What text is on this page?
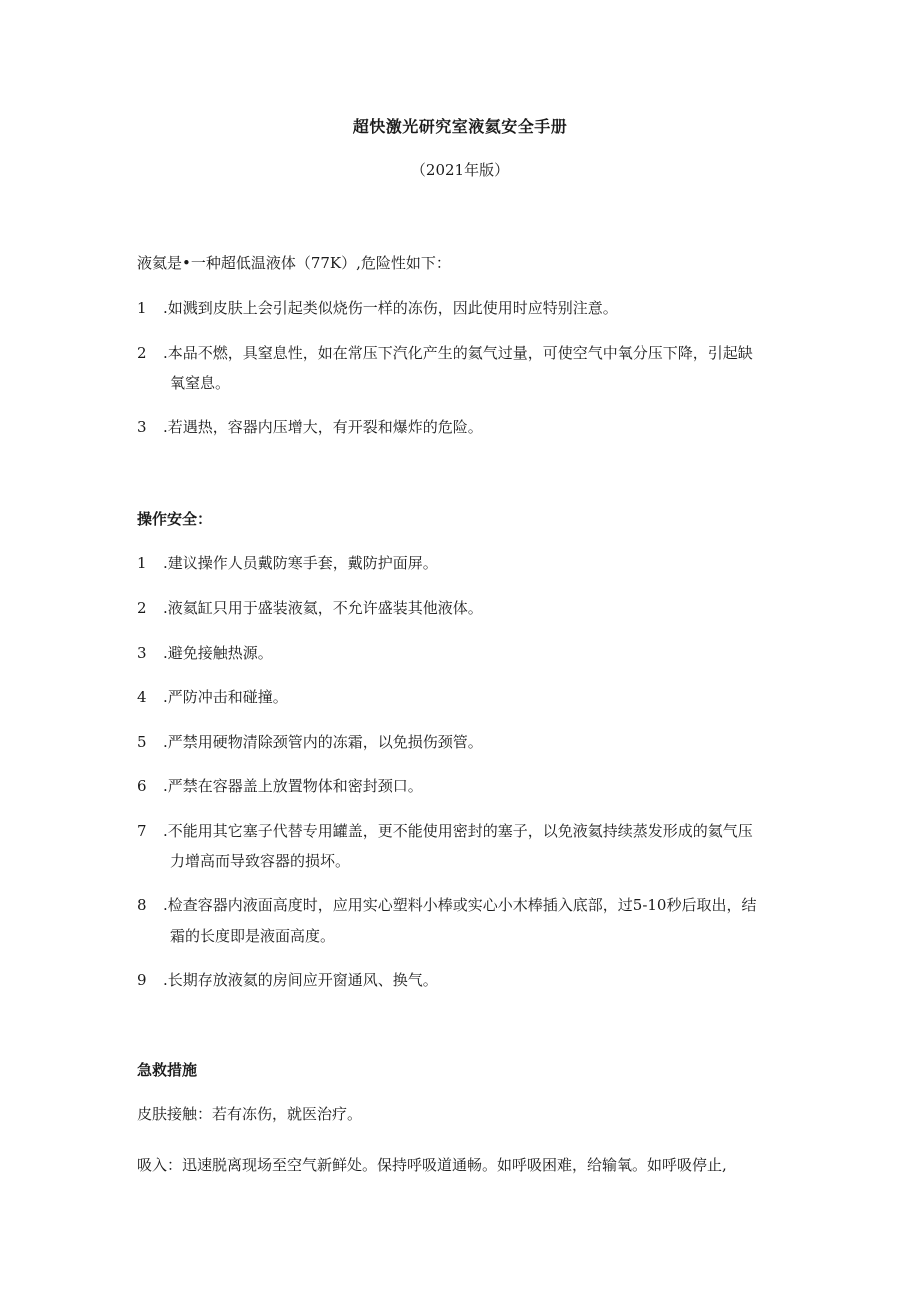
超快激光研究室液氦安全手册
（2021年版）
液氦是•一种超低温液体（77K）,危险性如下：
1 .如溅到皮肤上会引起类似烧伤一样的冻伤，因此使用时应特别注意。
2 .本品不燃，具窒息性，如在常压下汽化产生的氦气过量，可使空气中氧分压下降，引起缺
氧窒息。
3 .若遇热，容器内压增大，有开裂和爆炸的危险。
操作安全：
1 .建议操作人员戴防寒手套，戴防护面屏。
2 .液氦缸只用于盛装液氦，不允许盛装其他液体。
3 .避免接触热源。
4 .严防冲击和碰撞。
5 .严禁用硬物清除颈管内的冻霜，以免损伤颈管。
6 .严禁在容器盖上放置物体和密封颈口。
7 .不能用其它塞子代替专用罐盖，更不能使用密封的塞子，以免液氦持续蒸发形成的氦气压
力增高而导致容器的损坏。
8 .检查容器内液面高度时，应用实心塑料小棒或实心小木棒插入底部，过5-10秒后取出，结
霜的长度即是液面高度。
9 .长期存放液氦的房间应开窗通风、换气。
急救措施
皮肤接触：若有冻伤，就医治疗。
吸入：迅速脱离现场至空气新鲜处。保持呼吸道通畅。如呼吸困难，给输氧。如呼吸停止,
